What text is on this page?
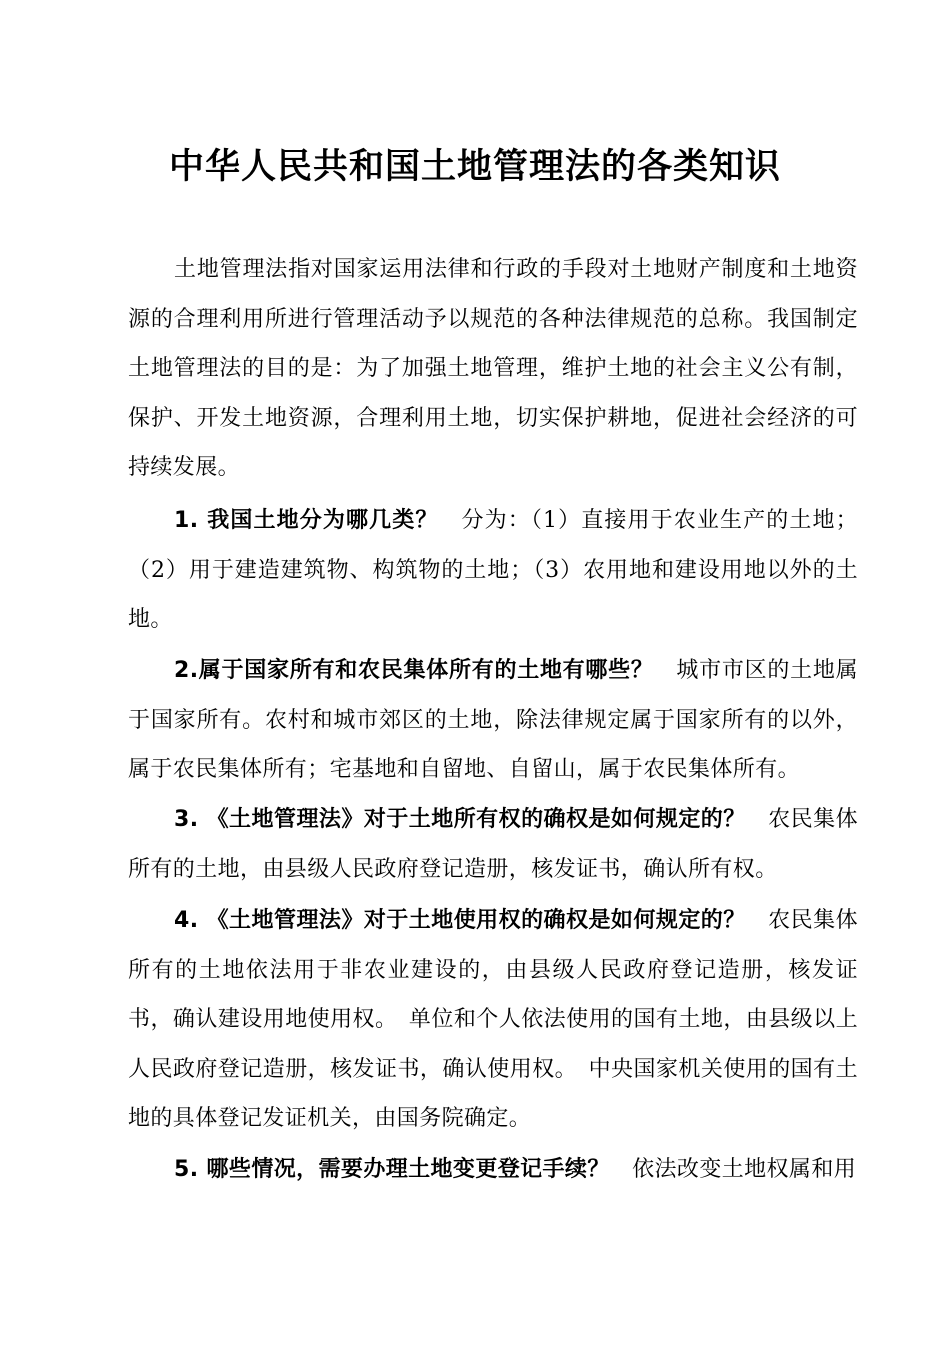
中华人民共和国土地管理法的各类知识

土地管理法指对国家运用法律和行政的手段对土地财产制度和土地资源的合理利用所进行管理活动予以规范的各种法律规范的总称。我国制定土地管理法的目的是：为了加强土地管理，维护土地的社会主义公有制，保护、开发土地资源，合理利用土地，切实保护耕地，促进社会经济的可持续发展。

1. 我国土地分为哪几类？　分为：（1）直接用于农业生产的土地；（2）用于建造建筑物、构筑物的土地；（3）农用地和建设用地以外的土地。

2.属于国家所有和农民集体所有的土地有哪些？　城市市区的土地属于国家所有。农村和城市郊区的土地，除法律规定属于国家所有的以外，属于农民集体所有；宅基地和自留地、自留山，属于农民集体所有。

3. 《土地管理法》对于土地所有权的确权是如何规定的？　农民集体所有的土地，由县级人民政府登记造册，核发证书，确认所有权。

4. 《土地管理法》对于土地使用权的确权是如何规定的？　农民集体所有的土地依法用于非农业建设的，由县级人民政府登记造册，核发证书，确认建设用地使用权。　单位和个人依法使用的国有土地，由县级以上人民政府登记造册，核发证书，确认使用权。　中央国家机关使用的国有土地的具体登记发证机关，由国务院确定。

5. 哪些情况，需要办理土地变更登记手续？　依法改变土地权属和用
